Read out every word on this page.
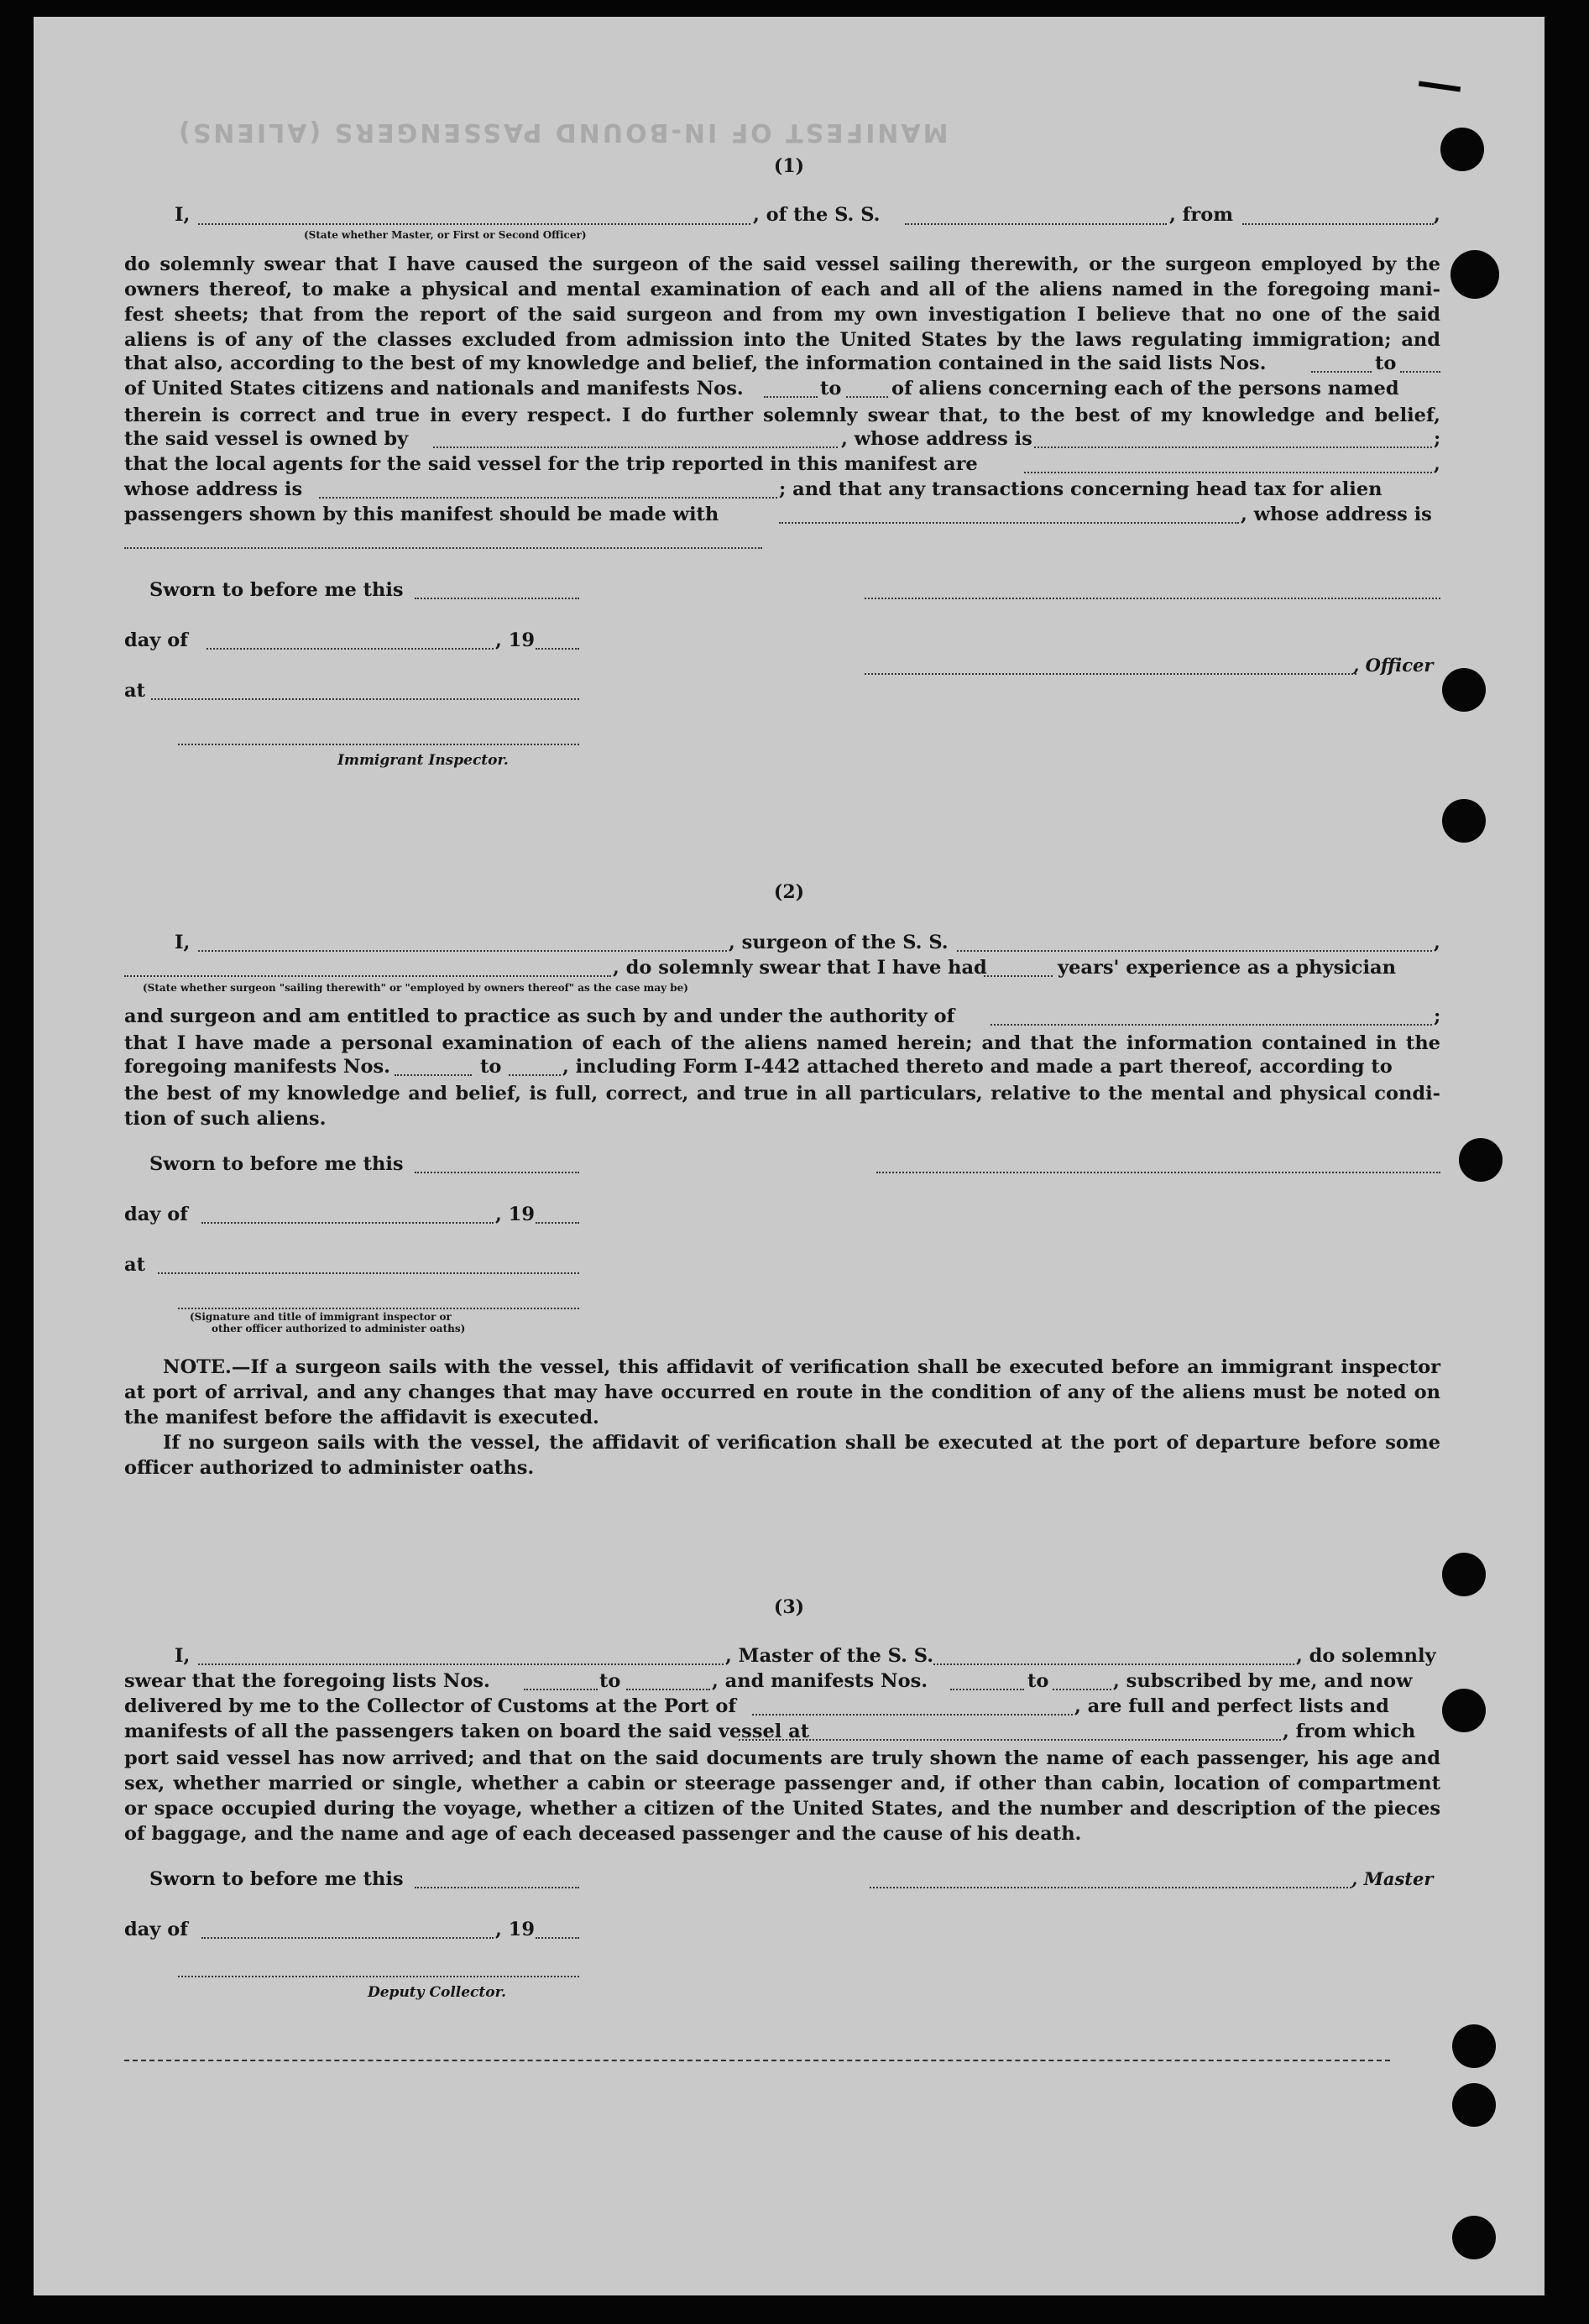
MANIFEST OF IN-BOUND PASSENGERS (ALIENS)
(1)
I,	, of the S. S.	, from	,
(State whether Master, or First or Second Officer)
do solemnly swear that I have caused the surgeon of the said vessel sailing therewith, or the surgeon employed by the
owners thereof, to make a physical and mental examination of each and all of the aliens named in the foregoing mani-
fest sheets; that from the report of the said surgeon and from my own investigation I believe that no one of the said
aliens is of any of the classes excluded from admission into the United States by the laws regulating immigration; and
that also, according to the best of my knowledge and belief, the information contained in the said lists Nos.	to
of United States citizens and nationals and manifests Nos.	to	of aliens concerning each of the persons named
therein is correct and true in every respect. I do further solemnly swear that, to the best of my knowledge and belief,
the said vessel is owned by	, whose address is	;
that the local agents for the said vessel for the trip reported in this manifest are	,
whose address is	; and that any transactions concerning head tax for alien
passengers shown by this manifest should be made with	, whose address is
Sworn to before me this
day of	, 19
, Officer
at
Immigrant Inspector.
(2)
I,	, surgeon of the S. S.	,
, do solemnly swear that I have had	years' experience as a physician
(State whether surgeon "sailing therewith" or "employed by owners thereof" as the case may be)
and surgeon and am entitled to practice as such by and under the authority of	;
that I have made a personal examination of each of the aliens named herein; and that the information contained in the
foregoing manifests Nos.	to	, including Form I-442 attached thereto and made a part thereof, according to
the best of my knowledge and belief, is full, correct, and true in all particulars, relative to the mental and physical condi-
tion of such aliens.
Sworn to before me this
day of	, 19
at
(Signature and title of immigrant inspector or
other officer authorized to administer oaths)
NOTE.—If a surgeon sails with the vessel, this affidavit of verification shall be executed before an immigrant inspector at port of arrival, and any changes that may have occurred en route in the condition of any of the aliens must be noted on the manifest before the affidavit is executed.
If no surgeon sails with the vessel, the affidavit of verification shall be executed at the port of departure before some officer authorized to administer oaths.
(3)
I,	, Master of the S. S.	, do solemnly
swear that the foregoing lists Nos.	to	, and manifests Nos.	to	, subscribed by me, and now
delivered by me to the Collector of Customs at the Port of	, are full and perfect lists and
manifests of all the passengers taken on board the said vessel at	, from which
port said vessel has now arrived; and that on the said documents are truly shown the name of each passenger, his age and
sex, whether married or single, whether a cabin or steerage passenger and, if other than cabin, location of compartment
or space occupied during the voyage, whether a citizen of the United States, and the number and description of the pieces
of baggage, and the name and age of each deceased passenger and the cause of his death.
Sworn to before me this	, Master
day of	, 19
Deputy Collector.
